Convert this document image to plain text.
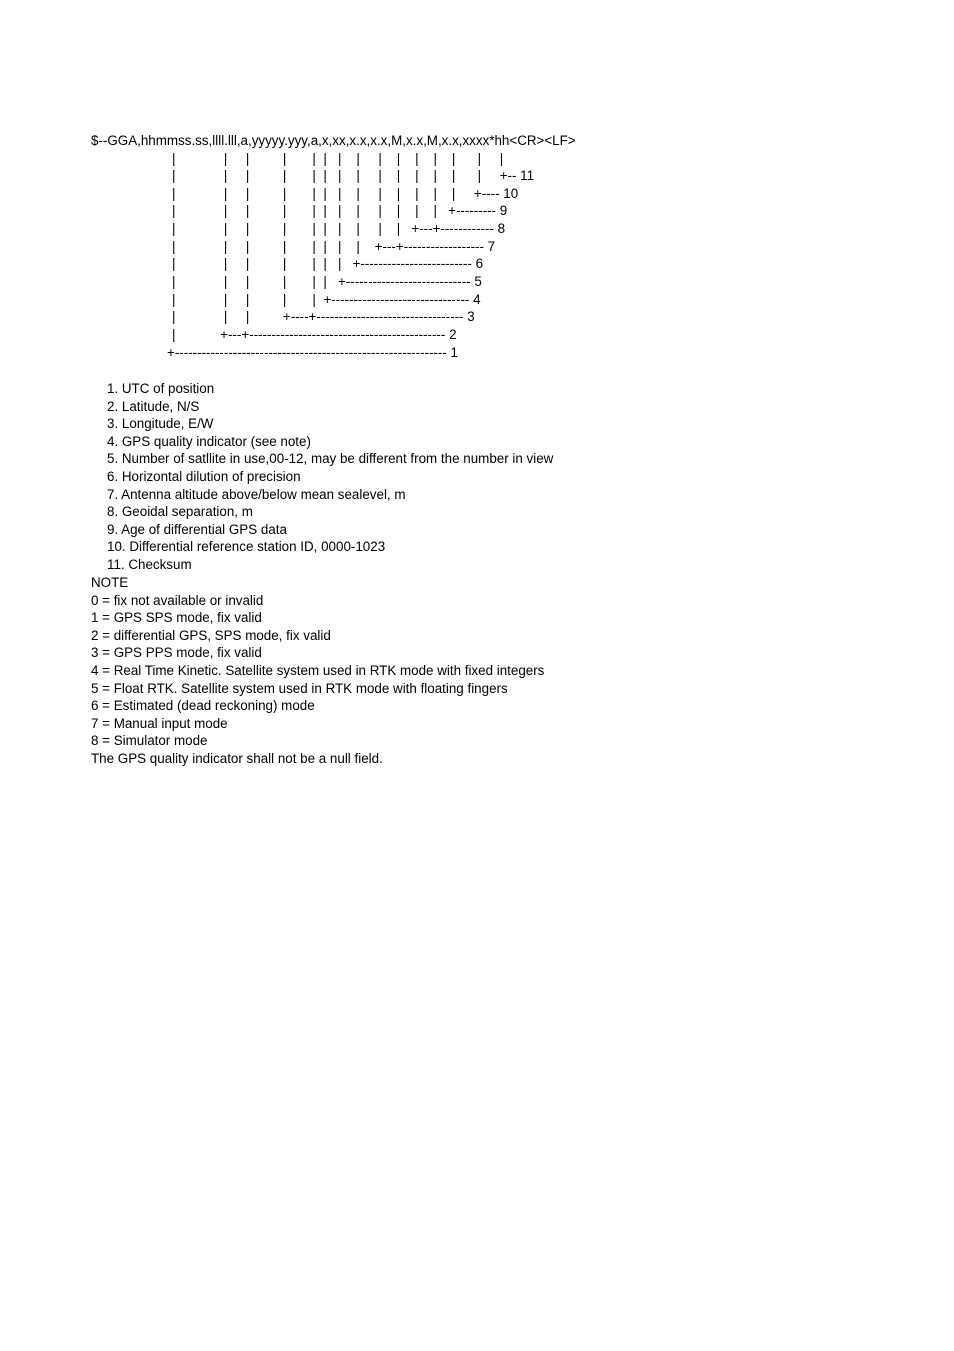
$--GGA,hhmmss.ss,llll.lll,a,yyyyy.yyy,a,x,xx,x.x,x.x,M,x.x,M,x.x,xxxx*hh<CR><LF>
|             |     |         |       |  |   |    |     |    |    |    |    |      |     |
|             |     |         |       |  |   |    |     |    |    |    |    |      |     +-- 11
|             |     |         |       |  |   |    |     |    |    |    |    |     +---- 10
|             |     |         |       |  |   |    |     |    |    |    |   +--------- 9
|             |     |         |       |  |   |    |     |    |   +---+------------ 8
|             |     |         |       |  |   |    |    +---+------------------ 7
|             |     |         |       |  |   |   +------------------------- 6
|             |     |         |       |  |   +---------------------------- 5
|             |     |         |       |  +------------------------------- 4
|             |     |         +----+--------------------------------- 3
|            +---+-------------------------------------------- 2
+------------------------------------------------------------- 1
1. UTC of position
2. Latitude, N/S
3. Longitude, E/W
4. GPS quality indicator (see note)
5. Number of satllite in use,00-12, may be different from the number in view
6. Horizontal dilution of precision
7. Antenna altitude above/below mean sealevel, m
8. Geoidal separation, m
9. Age of differential GPS data
10. Differential reference station ID, 0000-1023
11. Checksum
NOTE
0 = fix not available or invalid
1 = GPS SPS mode, fix valid
2 = differential GPS, SPS mode, fix valid
3 = GPS PPS mode, fix valid
4 = Real Time Kinetic. Satellite system used in RTK mode with fixed integers
5 = Float RTK. Satellite system used in RTK mode with floating fingers
6 = Estimated (dead reckoning) mode
7 = Manual input mode
8 = Simulator mode
The GPS quality indicator shall not be a null field.
